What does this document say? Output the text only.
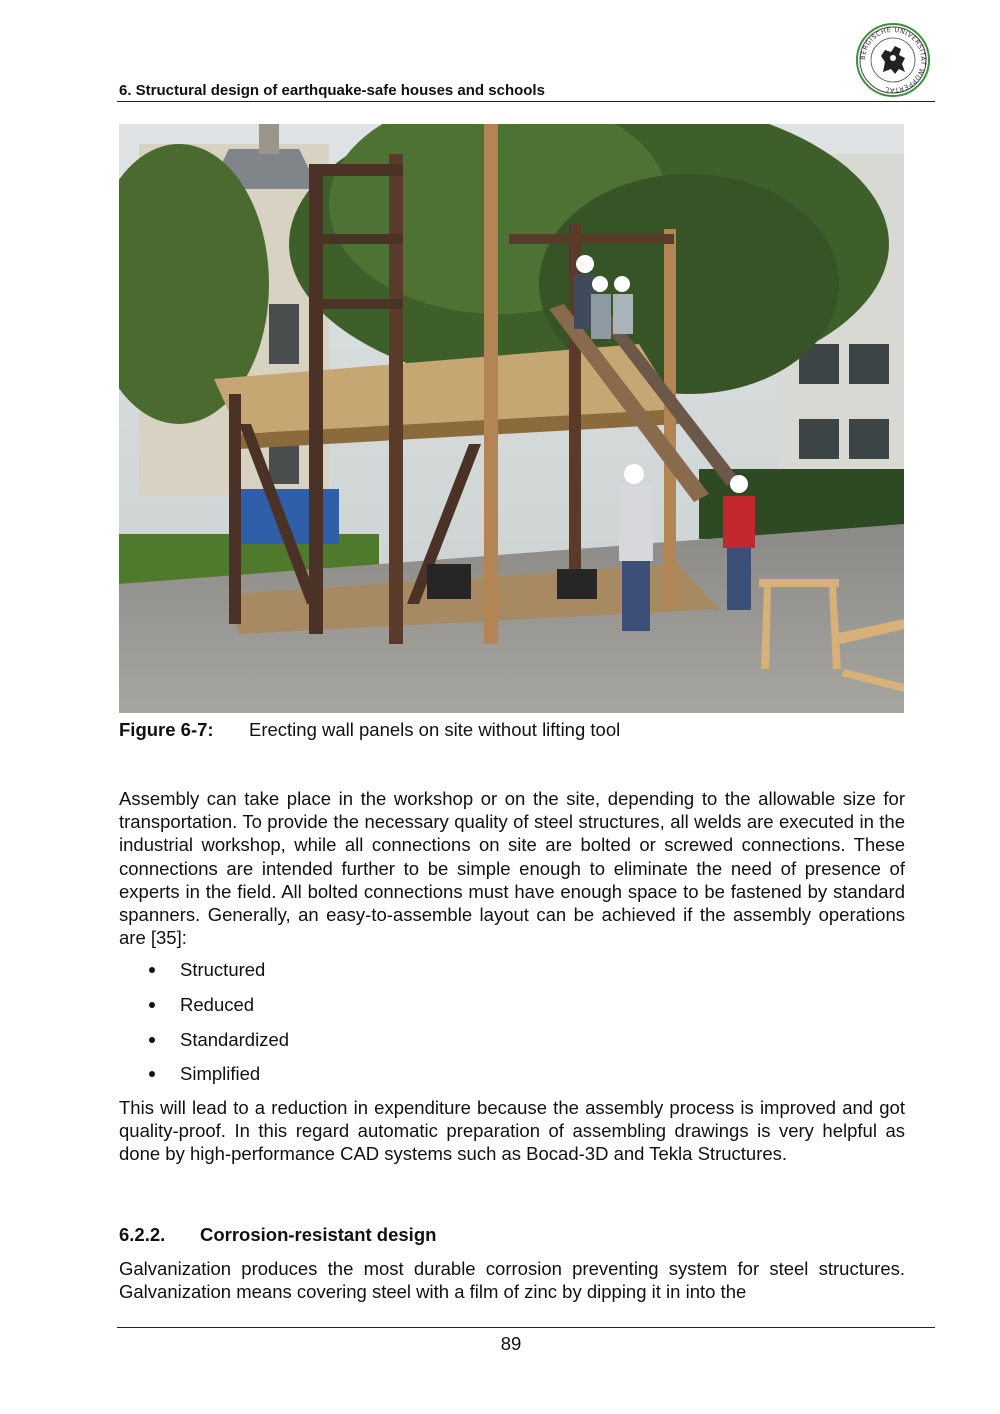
6. Structural design of earthquake-safe houses and schools
BERGISCHE UNIVERSITÄT WUPPERTAL
Figure 6-7: Erecting wall panels on site without lifting tool

Assembly can take place in the workshop or on the site, depending to the allowable size for transportation. To provide the necessary quality of steel structures, all welds are executed in the industrial workshop, while all connections on site are bolted or screwed connections. These connections are intended further to be simple enough to eliminate the need of presence of experts in the field. All bolted connections must have enough space to be fastened by standard spanners. Generally, an easy-to-assemble layout can be achieved if the assembly operations are [35]:

Structured
Reduced
Standardized
Simplified

This will lead to a reduction in expenditure because the assembly process is improved and got quality-proof. In this regard automatic preparation of assembling drawings is very helpful as done by high-performance CAD systems such as Bocad-3D and Tekla Structures.

6.2.2. Corrosion-resistant design

Galvanization produces the most durable corrosion preventing system for steel structures. Galvanization means covering steel with a film of zinc by dipping it in into the

89
